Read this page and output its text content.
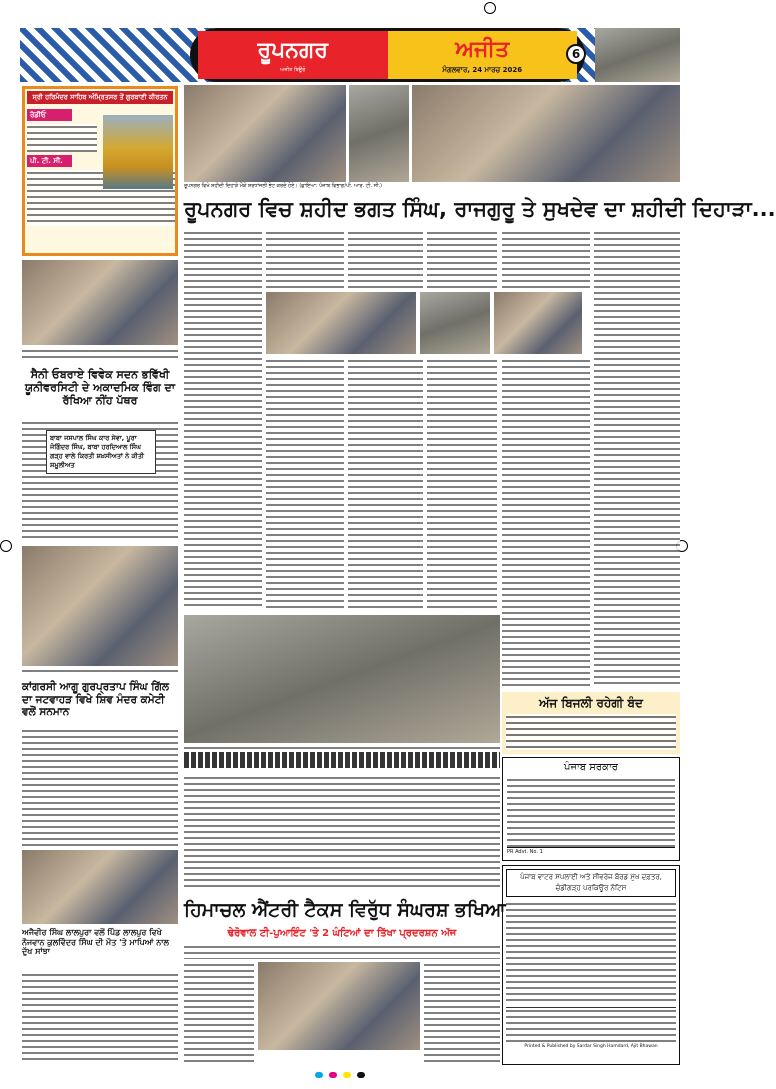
ਰੂਪਨਗਰ
ਅਜੀਤ ਬਿਊਰੋ
ਅਜੀਤ
ਮੰਗਲਵਾਰ, 24 ਮਾਰਚ 2026
6
ਸ੍ਰੀ ਹਰਿਮੰਦਰ ਸਾਹਿਬ ਅੰਮ੍ਰਿਤਸਰ ਤੋਂ ਗੁਰਬਾਣੀ ਕੀਰਤਨ
ਰੇਡੀਓ
ਪੀ. ਟੀ. ਸੀ.
ਸੈਨੀ ਓਬਰਾਏ ਵਿਵੇਕ ਸਦਨ ਭਵਿੱਖੀ ਯੂਨੀਵਰਸਿਟੀ ਦੇ ਅਕਾਦਮਿਕ ਵਿੰਗ ਦਾ ਰੱਖਿਆ ਨੀਂਹ ਪੱਥਰ
ਬਾਬਾ ਜਸਪਾਲ ਸਿੰਘ ਕਾਰ ਸੇਵਾ, ਪੂਰਾ ਜੋਗਿੰਦਰ ਸਿੰਘ, ਬਾਬਾ ਹਰਦਿਆਲ ਸਿੰਘ ਗੜ੍ਹ ਵਾਲੇ ਕਿਰਤੀ ਸ਼ਖ਼ਸੀਅਤਾਂ ਨੇ ਕੀਤੀ ਸ਼ਮੂਲੀਅਤ
ਕਾਂਗਰਸੀ ਆਗੂ ਗੁਰਪ੍ਰਤਾਪ ਸਿੰਘ ਗਿੱਲ ਦਾ ਜਟਵਾਹੜ ਵਿਖੇ ਸ਼ਿਵ ਮੰਦਰ ਕਮੇਟੀ ਵਲੋਂ ਸਨਮਾਨ
ਅਜੈਵੀਰ ਸਿੰਘ ਲਾਲਪੁਰਾ ਵਲੋਂ ਪਿੰਡ ਲਾਲਪੁਰ ਵਿਖੇ ਨੌਜਵਾਨ ਕੁਲਵਿੰਦਰ ਸਿੰਘ ਦੀ ਮੌਤ 'ਤੇ ਮਾਪਿਆਂ ਨਾਲ ਦੁੱਖ ਸਾਂਝਾ
ਰੂਪਨਗਰ ਵਿਖੇ ਸ਼ਹੀਦੀ ਦਿਹਾੜੇ ਮੌਕੇ ਸ਼ਰਧਾਂਜਲੀ ਭੇਟ ਕਰਦੇ ਹੋਏ। (ਛਾਇਆ: ਪੰਜਾਬ ਵਿਭਾਗ/ਪੀ. ਆਰ. ਟੀ. ਸੀ.)
ਰੂਪਨਗਰ ਵਿਚ ਸ਼ਹੀਦ ਭਗਤ ਸਿੰਘ, ਰਾਜਗੁਰੂ ਤੇ ਸੁਖਦੇਵ ਦਾ ਸ਼ਹੀਦੀ ਦਿਹਾੜਾ...
ਅੱਜ ਬਿਜਲੀ ਰਹੇਗੀ ਬੰਦ
ਪੰਜਾਬ ਸਰਕਾਰ
PR Advt. No. 1
ਪੰਜਾਬ ਵਾਟਰ ਸਪਲਾਈ ਅਤੇ ਸੀਵਰੇਜ ਬੋਰਡ ਮੁੱਖ ਦਫ਼ਤਰ, ਚੰਡੀਗੜ੍ਹ ਪਰਕਿਊਰ ਨੋਟਿਸ
Printed & Published by Sardar Singh Hamdard, Ajit Bhawan
ਹਿਮਾਚਲ ਐਂਟਰੀ ਟੈਕਸ ਵਿਰੁੱਧ ਸੰਘਰਸ਼ ਭਖਿਆ
ਢੇਰੋਵਾਲ ਟੀ-ਪੁਆਇੰਟ 'ਤੇ 2 ਘੰਟਿਆਂ ਦਾ ਤਿੱਖਾ ਪ੍ਰਦਰਸ਼ਨ ਅੱਜ
